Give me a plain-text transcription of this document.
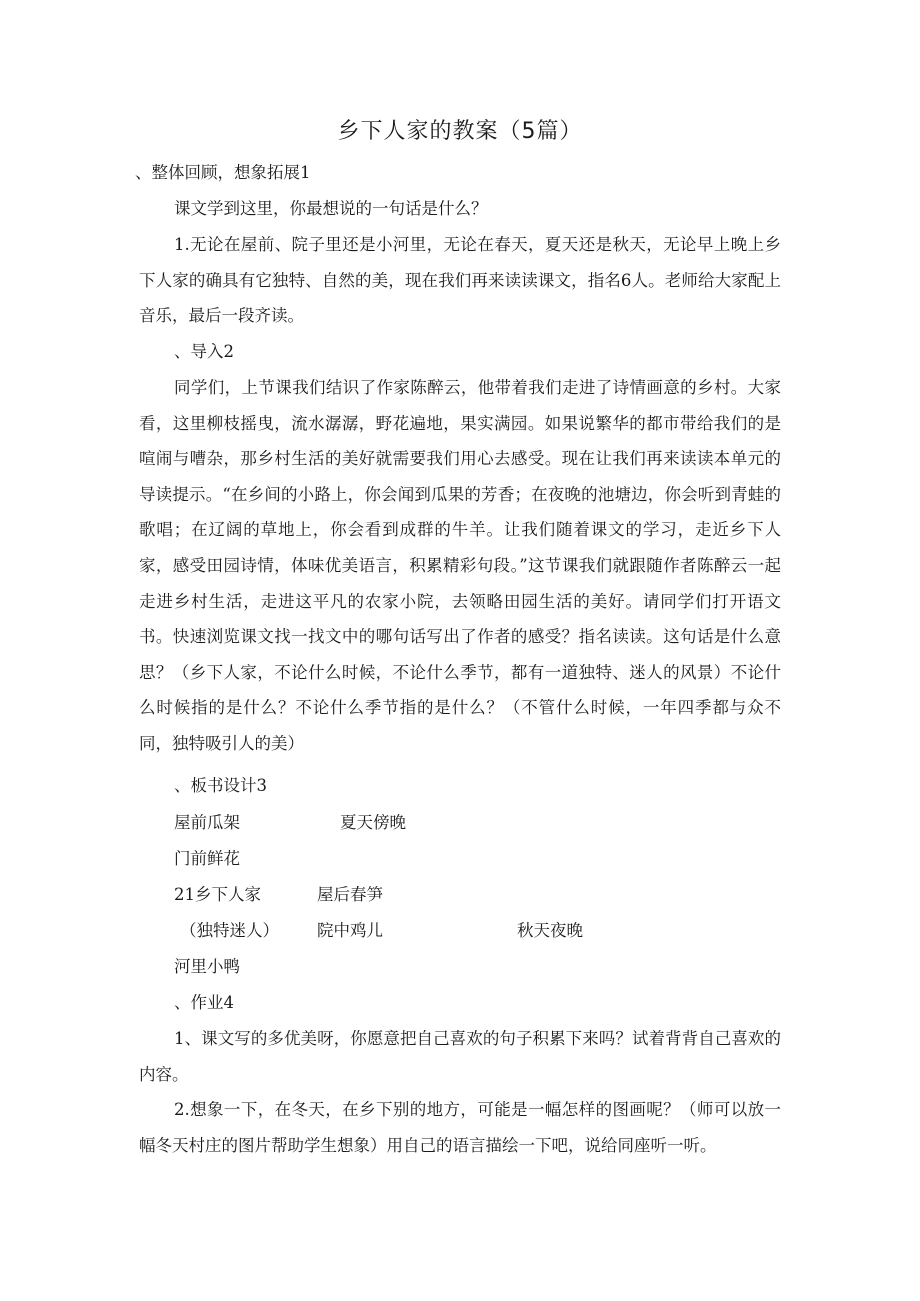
乡下人家的教案（5篇）
、整体回顾，想象拓展1
课文学到这里，你最想说的一句话是什么？
1.无论在屋前、院子里还是小河里，无论在春天，夏天还是秋天，无论早上晚上乡下人家的确具有它独特、自然的美，现在我们再来读读课文，指名6人。老师给大家配上音乐，最后一段齐读。
、导入2
同学们，上节课我们结识了作家陈醉云，他带着我们走进了诗情画意的乡村。大家看，这里柳枝摇曳，流水潺潺，野花遍地，果实满园。如果说繁华的都市带给我们的是喧闹与嘈杂，那乡村生活的美好就需要我们用心去感受。现在让我们再来读读本单元的导读提示。“在乡间的小路上，你会闻到瓜果的芳香；在夜晚的池塘边，你会听到青蛙的歌唱；在辽阔的草地上，你会看到成群的牛羊。让我们随着课文的学习，走近乡下人家，感受田园诗情，体味优美语言，积累精彩句段。”这节课我们就跟随作者陈醉云一起走进乡村生活，走进这平凡的农家小院，去领略田园生活的美好。请同学们打开语文书。快速浏览课文找一找文中的哪句话写出了作者的感受？指名读读。这句话是什么意思？（乡下人家，不论什么时候，不论什么季节，都有一道独特、迷人的风景）不论什么时候指的是什么？不论什么季节指的是什么？（不管什么时候，一年四季都与众不同，独特吸引人的美）
、板书设计3
屋前瓜架	夏天傍晚
门前鲜花
21乡下人家	屋后春笋
（独特迷人） 院中鸡儿	秋天夜晚
河里小鸭
、作业4
1、课文写的多优美呀，你愿意把自己喜欢的句子积累下来吗？试着背背自己喜欢的内容。
2.想象一下，在冬天，在乡下别的地方，可能是一幅怎样的图画呢？（师可以放一幅冬天村庄的图片帮助学生想象）用自己的语言描绘一下吧，说给同座听一听。
